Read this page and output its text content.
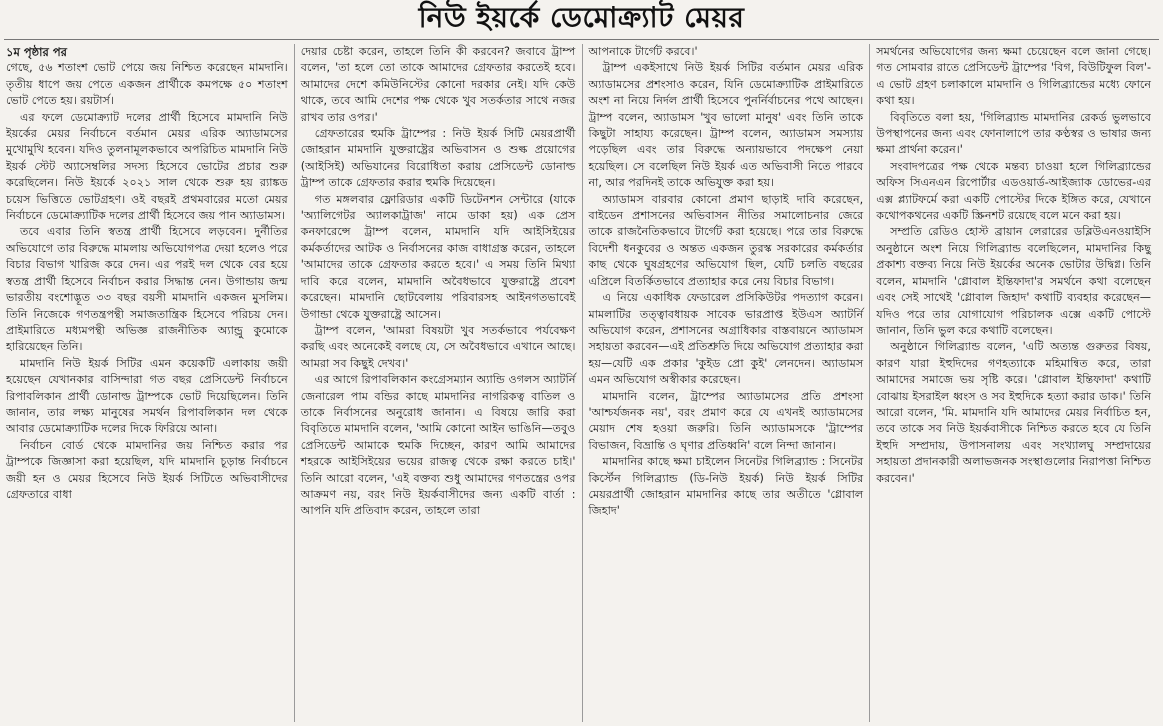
নিউ ইয়র্কে ডেমোক্র্যাট মেয়র

১ম পৃষ্ঠার পর

গেছে, ৫৬ শতাংশ ভোট পেয়ে জয় নিশ্চিত করেছেন মামদানি। তৃতীয় ধাপে জয় পেতে একজন প্রার্থীকে কমপক্ষে ৫০ শতাংশ ভোট পেতে হয়। রয়টার্স।

এর ফলে ডেমোক্র্যাট দলের প্রার্থী হিসেবে মামদানি নিউ ইয়র্কের মেয়র নির্বাচনে বর্তমান মেয়র এরিক অ্যাডামসের মুখোমুখি হবেন। যদিও তুলনামূলকভাবে অপরিচিত মামদানি নিউ ইয়র্ক স্টেট অ্যাসেম্বলির সদস্য হিসেবে ভোটের প্রচার শুরু করেছিলেন। নিউ ইয়র্কে ২০২১ সাল থেকে শুরু হয় র‍্যাঙ্কড চয়েস ভিত্তিতে ভোটগ্রহণ। ওই বছরই প্রথমবারের মতো মেয়র নির্বাচনে ডেমোক্র্যাটিক দলের প্রার্থী হিসেবে জয় পান অ্যাডামস।

তবে এবার তিনি স্বতন্ত্র প্রার্থী হিসেবে লড়বেন। দুর্নীতির অভিযোগে তার বিরুদ্ধে মামলায় অভিযোগপত্র দেয়া হলেও পরে বিচার বিভাগ খারিজ করে দেন। এর পরই দল থেকে বের হয়ে স্বতন্ত্র প্রার্থী হিসেবে নির্বাচন করার সিদ্ধান্ত নেন। উগান্ডায় জন্ম ভারতীয় বংশোদ্ভূত ৩৩ বছর বয়সী মামদানি একজন মুসলিম। তিনি নিজেকে গণতন্ত্রপন্থী সমাজতান্ত্রিক হিসেবে পরিচয় দেন। প্রাইমারিতে মধ্যমপন্থী অভিজ্ঞ রাজনীতিক অ্যান্ড্রু কুমোকে হারিয়েছেন তিনি।

মামদানি নিউ ইয়র্ক সিটির এমন কয়েকটি এলাকায় জয়ী হয়েছেন যেখানকার বাসিন্দারা গত বছর প্রেসিডেন্ট নির্বাচনে রিপাবলিকান প্রার্থী ডোনাল্ড ট্রাম্পকে ভোট দিয়েছিলেন। তিনি জানান, তার লক্ষ্য মানুষের সমর্থন রিপাবলিকান দল থেকে আবার ডেমোক্র্যাটিক দলের দিকে ফিরিয়ে আনা।

নির্বাচন বোর্ড থেকে মামদানির জয় নিশ্চিত করার পর ট্রাম্পকে জিজ্ঞাসা করা হয়েছিল, যদি মামদানি চূড়ান্ত নির্বাচনে জয়ী হন ও মেয়র হিসেবে নিউ ইয়র্ক সিটিতে অভিবাসীদের গ্রেফতারে বাধা

দেয়ার চেষ্টা করেন, তাহলে তিনি কী করবেন? জবাবে ট্রাম্প বলেন, 'তা হলে তো তাকে আমাদের গ্রেফতার করতেই হবে। আমাদের দেশে কমিউনিস্টের কোনো দরকার নেই। যদি কেউ থাকে, তবে আমি দেশের পক্ষ থেকে খুব সতর্কতার সাথে নজর রাখব তার ওপর।'

গ্রেফতারের হুমকি ট্রাম্পের : নিউ ইয়র্ক সিটি মেয়রপ্রার্থী জোহরান মামদানি যুক্তরাষ্ট্রের অভিবাসন ও শুল্ক প্রয়োগের (আইসিই) অভিযানের বিরোধিতা করায় প্রেসিডেন্ট ডোনাল্ড ট্রাম্প তাকে গ্রেফতার করার হুমকি দিয়েছেন।

গত মঙ্গলবার ফ্লোরিডার একটি ডিটেনশন সেন্টারে (যাকে 'অ্যালিগেটর অ্যালকাট্রাজ' নামে ডাকা হয়) এক প্রেস কনফারেন্সে ট্রাম্প বলেন, মামদানি যদি আইসিইয়ের কর্মকর্তাদের আটক ও নির্বাসনের কাজ বাধাগ্রস্ত করেন, তাহলে 'আমাদের তাকে গ্রেফতার করতে হবে।' এ সময় তিনি মিথ্যা দাবি করে বলেন, মামদানি অবৈধভাবে যুক্তরাষ্ট্রে প্রবেশ করেছেন। মামদানি ছোটবেলায় পরিবারসহ আইনগতভাবেই উগান্ডা থেকে যুক্তরাষ্ট্রে আসেন।

ট্রাম্প বলেন, 'আমরা বিষয়টা খুব সতর্কভাবে পর্যবেক্ষণ করছি এবং অনেকেই বলছে যে, সে অবৈধভাবে এখানে আছে। আমরা সব কিছুই দেখব।'

এর আগে রিপাবলিকান কংগ্রেসম্যান অ্যান্ডি ওগলস অ্যাটর্নি জেনারেল পাম বন্ডির কাছে মামদানির নাগরিকত্ব বাতিল ও তাকে নির্বাসনের অনুরোধ জানান। এ বিষয়ে জারি করা বিবৃতিতে মামদানি বলেন, 'আমি কোনো আইন ভাঙিনি—তবুও প্রেসিডেন্ট আমাকে হুমকি দিচ্ছেন, কারণ আমি আমাদের শহরকে আইসিইয়ের ভয়ের রাজত্ব থেকে রক্ষা করতে চাই।' তিনি আরো বলেন, 'এই বক্তব্য শুধু আমাদের গণতন্ত্রের ওপর আক্রমণ নয়, বরং নিউ ইয়র্কবাসীদের জন্য একটি বার্তা : আপনি যদি প্রতিবাদ করেন, তাহলে তারা

আপনাকে টার্গেট করবে।'

ট্রাম্প একইসাথে নিউ ইয়র্ক সিটির বর্তমান মেয়র এরিক অ্যাডামসের প্রশংসাও করেন, যিনি ডেমোক্র্যাটিক প্রাইমারিতে অংশ না নিয়ে নির্দল প্রার্থী হিসেবে পুনর্নির্বাচনের পথে আছেন। ট্রাম্প বলেন, অ্যাডামস 'খুব ভালো মানুষ' এবং তিনি তাকে কিছুটা সাহায্য করেছেন। ট্রাম্প বলেন, অ্যাডামস সমস্যায় পড়েছিল এবং তার বিরুদ্ধে অন্যায়ভাবে পদক্ষেপ নেয়া হয়েছিল। সে বলেছিল নিউ ইয়র্ক এত অভিবাসী নিতে পারবে না, আর পরদিনই তাকে অভিযুক্ত করা হয়।

অ্যাডামস বারবার কোনো প্রমাণ ছাড়াই দাবি করেছেন, বাইডেন প্রশাসনের অভিবাসন নীতির সমালোচনার জেরে তাকে রাজনৈতিকভাবে টার্গেট করা হয়েছে। পরে তার বিরুদ্ধে বিদেশী ধনকুবের ও অন্তত একজন তুরস্ক সরকারের কর্মকর্তার কাছ থেকে ঘুষগ্রহণের অভিযোগ ছিল, যেটি চলতি বছরের এপ্রিলে বিতর্কিতভাবে প্রত্যাহার করে নেয় বিচার বিভাগ।

এ নিয়ে একাধিক ফেডারেল প্রসিকিউটর পদত্যাগ করেন। মামলাটির তত্ত্বাবধায়ক সাবেক ভারপ্রাপ্ত ইউএস অ্যাটর্নি অভিযোগ করেন, প্রশাসনের অগ্রাধিকার বাস্তবায়নে অ্যাডামস সহায়তা করবেন—এই প্রতিশ্রুতি দিয়ে অভিযোগ প্রত্যাহার করা হয়—যেটি এক প্রকার 'কুইড প্রো কুই' লেনদেন। অ্যাডামস এমন অভিযোগ অস্বীকার করেছেন।

মামদানি বলেন, ট্রাম্পের অ্যাডামসের প্রতি প্রশংসা 'আশ্চর্যজনক নয়', বরং প্রমাণ করে যে এখনই অ্যাডামসের মেয়াদ শেষ হওয়া জরুরি। তিনি অ্যাডামসকে 'ট্রাম্পের বিভাজন, বিভ্রান্তি ও ঘৃণার প্রতিধ্বনি' বলে নিন্দা জানান।

মামদানির কাছে ক্ষমা চাইলেন সিনেটর গিলিব্র্যান্ড : সিনেটর কির্স্টেন গিলিব্র্যান্ড (ডি-নিউ ইয়র্ক) নিউ ইয়র্ক সিটির মেয়রপ্রার্থী জোহরান মামদানির কাছে তার অতীতে 'গ্লোবাল জিহাদ'

সমর্থনের অভিযোগের জন্য ক্ষমা চেয়েছেন বলে জানা গেছে। গত সোমবার রাতে প্রেসিডেন্ট ট্রাম্পের 'বিগ, বিউটিফুল বিল'-এ ভোট গ্রহণ চলাকালে মামদানি ও গিলিব্র্যান্ডের মধ্যে ফোনে কথা হয়।

বিবৃতিতে বলা হয়, 'গিলিব্র্যান্ড মামদানির রেকর্ড ভুলভাবে উপস্থাপনের জন্য এবং ফোনালাপে তার কণ্ঠস্বর ও ভাষার জন্য ক্ষমা প্রার্থনা করেন।'

সংবাদপত্রের পক্ষ থেকে মন্তব্য চাওয়া হলে গিলিব্র্যান্ডের অফিস সিএনএন রিপোর্টার এডওয়ার্ড-আইজ্যাক ডোভের-এর এক্স প্ল্যাটফর্মে করা একটি পোস্টের দিকে ইঙ্গিত করে, যেখানে কথোপকথনের একটি স্ক্রিনশট রয়েছে বলে মনে করা হয়।

সম্প্রতি রেডিও হোস্ট ব্রায়ান লেরারের ডব্লিউএনওয়াইসি অনুষ্ঠানে অংশ নিয়ে গিলিব্র্যান্ড বলেছিলেন, মামদানির কিছু প্রকাশ্য বক্তব্য নিয়ে নিউ ইয়র্কের অনেক ভোটার উদ্বিগ্ন। তিনি বলেন, মামদানি 'গ্লোবাল ইন্তিফাদা'র সমর্থনে কথা বলেছেন এবং সেই সাথেই 'গ্লোবাল জিহাদ' কথাটি ব্যবহার করেছেন—যদিও পরে তার যোগাযোগ পরিচালক এক্সে একটি পোস্টে জানান, তিনি ভুল করে কথাটি বলেছেন।

অনুষ্ঠানে গিলিব্র্যান্ড বলেন, 'এটি অত্যন্ত গুরুতর বিষয়, কারণ যারা ইহুদিদের গণহত্যাকে মহিমান্বিত করে, তারা আমাদের সমাজে ভয় সৃষ্টি করে। 'গ্লোবাল ইন্তিফাদা' কথাটি বোঝায় ইসরাইল ধ্বংস ও সব ইহুদিকে হত্যা করার ডাক।' তিনি আরো বলেন, 'মি. মামদানি যদি আমাদের মেয়র নির্বাচিত হন, তবে তাকে সব নিউ ইয়র্কবাসীকে নিশ্চিত করতে হবে যে তিনি ইহুদি সম্প্রদায়, উপাসনালয় এবং সংখ্যালঘু সম্প্রদায়ের সহায়তা প্রদানকারী অলাভজনক সংস্থাগুলোর নিরাপত্তা নিশ্চিত করবেন।'
